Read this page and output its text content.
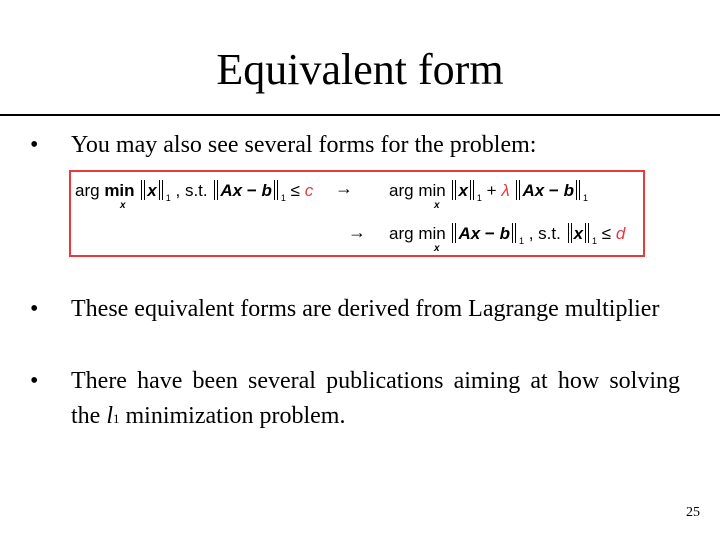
Equivalent form
•	You may also see several forms for the problem:
arg min x $_1$ , s.t. Ax − b $_1$ ≤ c
x
→ arg min x $_1$ + λ Ax − b $_1$
x
→ arg min Ax − b $_1$ , s.t. x $_1$ ≤ d
x
•	These equivalent forms are derived from Lagrange multiplier
•	There have been several publications aiming at how solving the l1 minimization problem.
25
